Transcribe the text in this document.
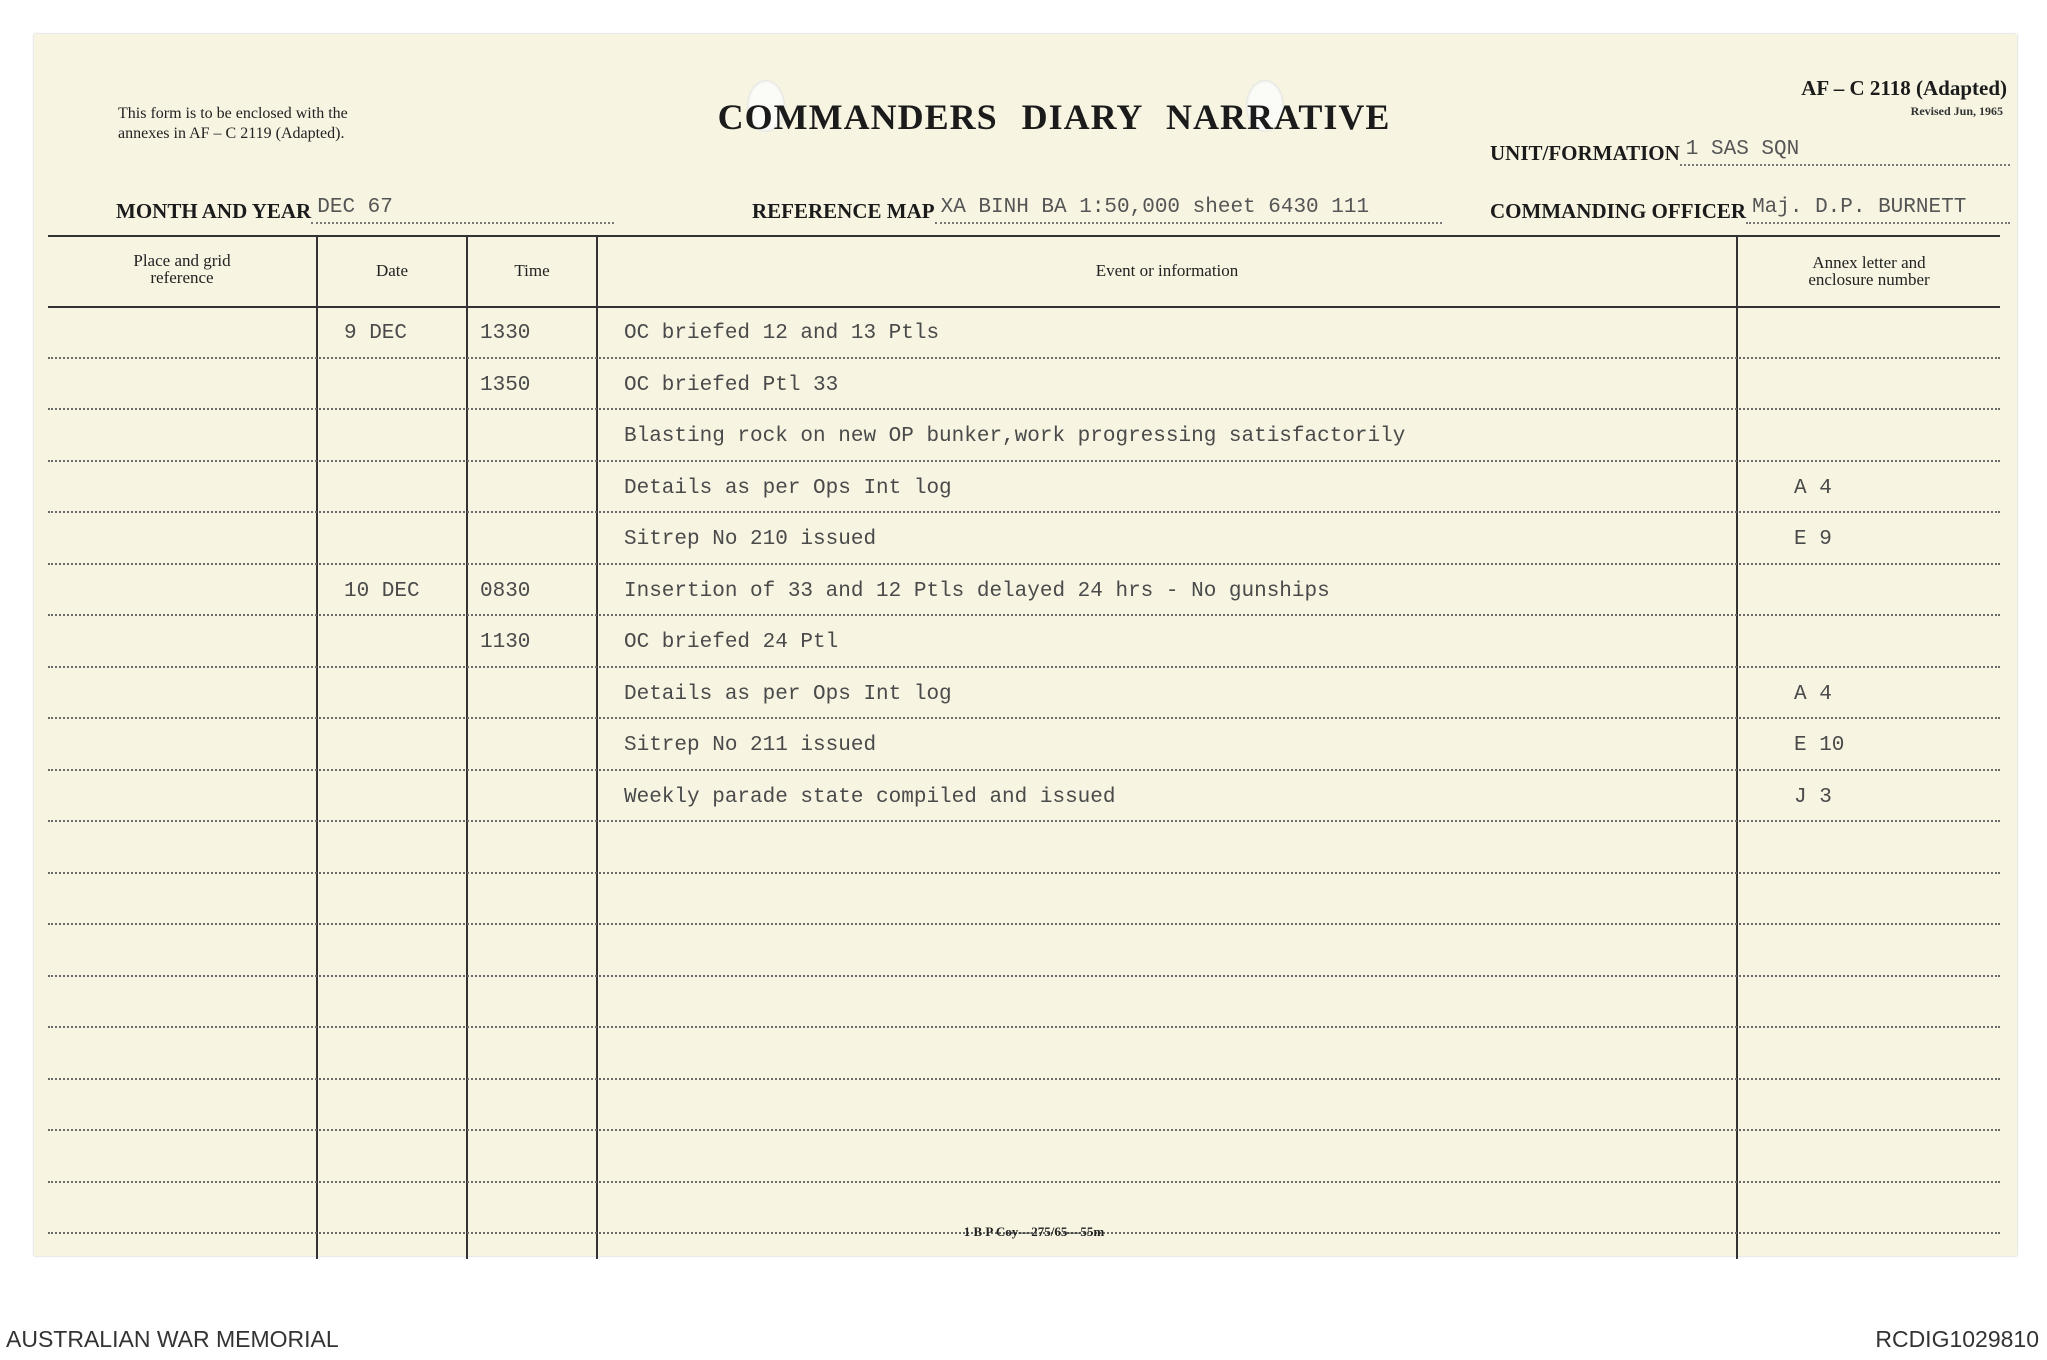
This form is to be enclosed with the
annexes in AF – C 2119 (Adapted).	COMMANDERS DIARY NARRATIVE
AF – C 2118 (Adapted)
Revised Jun, 1965
UNIT/FORMATION 1 SAS SQN
MONTH AND YEAR DEC 67	REFERENCE MAP XA BINH BA 1:50,000 sheet 6430 111	COMMANDING OFFICER Maj. D.P. BURNETT
Place and grid
reference	Date	Time	Event or information	Annex letter and
enclosure number
9 DEC	1330	OC briefed 12 and 13 Ptls
1350	OC briefed Ptl 33
Blasting rock on new OP bunker,work progressing satisfactorily
Details as per Ops Int log	A 4
Sitrep No 210 issued	E 9
10 DEC	0830	Insertion of 33 and 12 Ptls delayed 24 hrs - No gunships
1130	OC briefed 24 Ptl
Details as per Ops Int log	A 4
Sitrep No 211 issued	E 10
Weekly parade state compiled and issued	J 3
1 B P Coy—275/65—55m
AUSTRALIAN WAR MEMORIAL	RCDIG1029810
